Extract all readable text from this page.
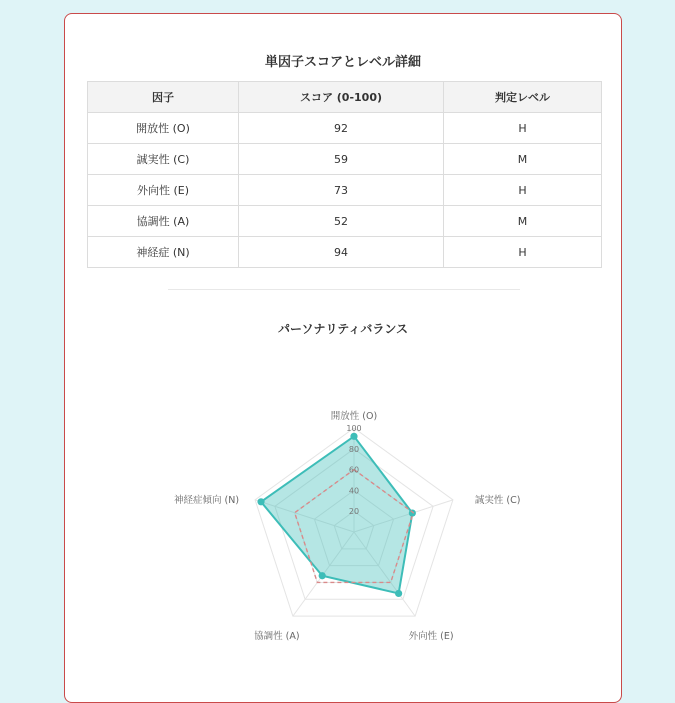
単因子スコアとレベル詳細
因子	スコア (0-100)	判定レベル
開放性 (O)	92	H
誠実性 (C)	59	M
外向性 (E)	73	H
協調性 (A)	52	M
神経症 (N)	94	H
パーソナリティバランス
20
40
60
80
100
開放性 (O)
誠実性 (C)
外向性 (E)
協調性 (A)
神経症傾向 (N)
